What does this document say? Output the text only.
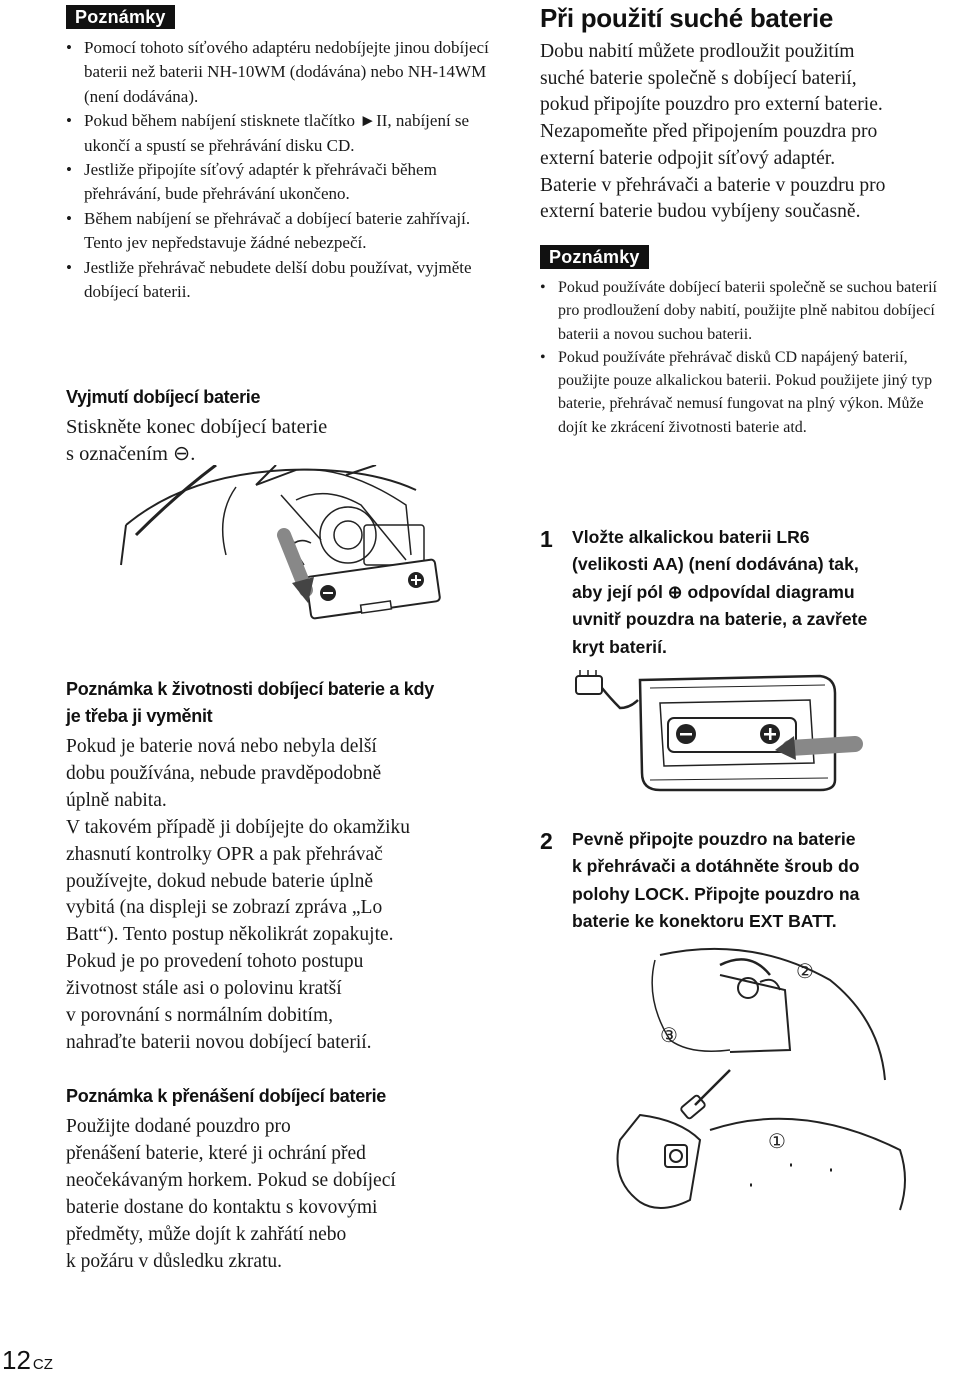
Poznámky
• Pomocí tohoto síťového adaptéru nedobíjejte jinou dobíjecí baterii než baterii NH-10WM (dodávána) nebo NH-14WM (není dodávána).
• Pokud během nabíjení stisknete tlačítko ►II, nabíjení se ukončí a spustí se přehrávání disku CD.
• Jestliže připojíte síťový adaptér k přehrávači během přehrávání, bude přehrávání ukončeno.
• Během nabíjení se přehrávač a dobíjecí baterie zahřívají. Tento jev nepředstavuje žádné nebezpečí.
• Jestliže přehrávač nebudete delší dobu používat, vyjměte dobíjecí baterii.
Vyjmutí dobíjecí baterie
Stiskněte konec dobíjecí baterie
s označením ⊖.
Poznámka k životnosti dobíjecí baterie a kdy
je třeba ji vyměnit
Pokud je baterie nová nebo nebyla delší
dobu používána, nebude pravděpodobně
úplně nabita.
V takovém případě ji dobíjejte do okamžiku
zhasnutí kontrolky OPR a pak přehrávač
používejte, dokud nebude baterie úplně
vybitá (na displeji se zobrazí zpráva „Lo
Batt“). Tento postup několikrát zopakujte.
Pokud je po provedení tohoto postupu
životnost stále asi o polovinu kratší
v porovnání s normálním dobitím,
nahraďte baterii novou dobíjecí baterií.
Poznámka k přenášení dobíjecí baterie
Použijte dodané pouzdro pro
přenášení baterie, které ji ochrání před
neočekávaným horkem. Pokud se dobíjecí
baterie dostane do kontaktu s kovovými
předměty, může dojít k zahřátí nebo
k požáru v důsledku zkratu.
Při použití suché baterie
Dobu nabití můžete prodloužit použitím
suché baterie společně s dobíjecí baterií,
pokud připojíte pouzdro pro externí baterie.
Nezapomeňte před připojením pouzdra pro
externí baterie odpojit síťový adaptér.
Baterie v přehrávači a baterie v pouzdru pro
externí baterie budou vybíjeny současně.
Poznámky
• Pokud používáte dobíjecí baterii společně se suchou baterií pro prodloužení doby nabití, použijte plně nabitou dobíjecí baterii a novou suchou baterii.
• Pokud používáte přehrávač disků CD napájený baterií, použijte pouze alkalickou baterii. Pokud použijete jiný typ baterie, přehrávač nemusí fungovat na plný výkon. Může dojít ke zkrácení životnosti baterie atd.
1 Vložte alkalickou baterii LR6
(velikosti AA) (není dodávána) tak,
aby její pól ⊕ odpovídal diagramu
uvnitř pouzdra na baterie, a zavřete
kryt baterií.
2 Pevně připojte pouzdro na baterie
k přehrávači a dotáhněte šroub do
polohy LOCK. Připojte pouzdro na
baterie ke konektoru EXT BATT.
②
③
①
12 CZ
